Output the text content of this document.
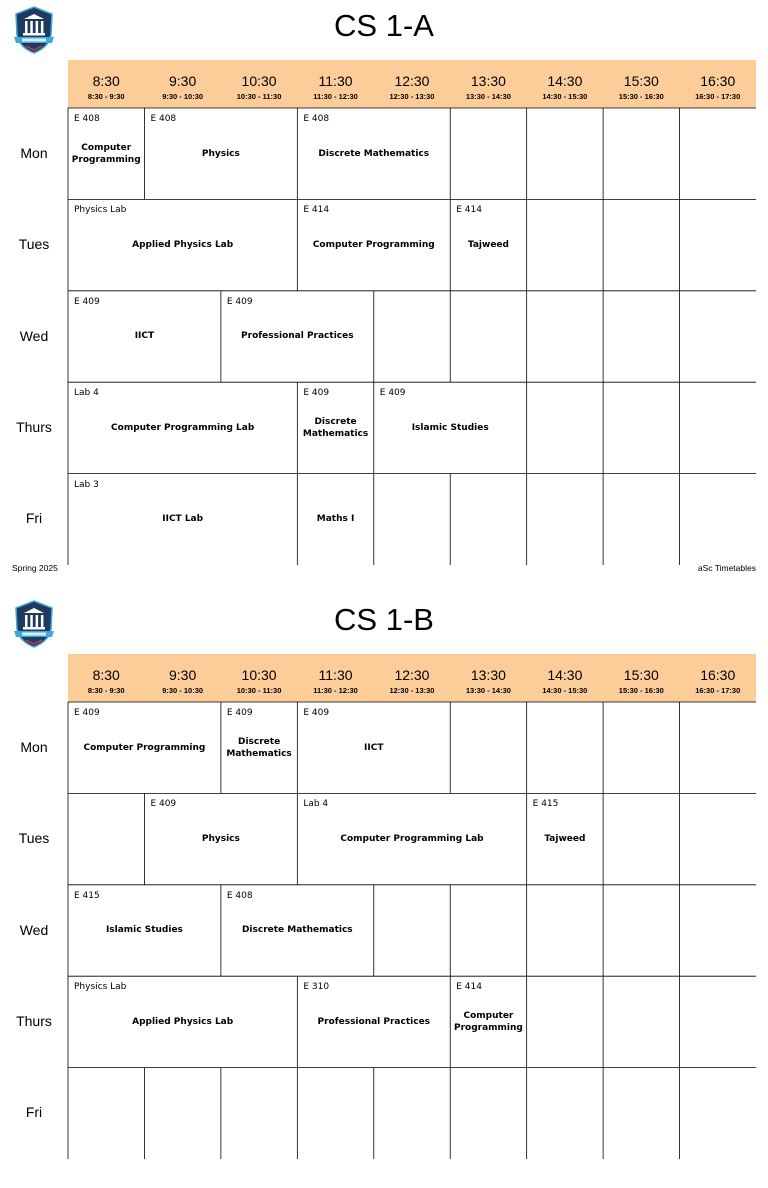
CS 1-A
8:30
8:30 - 9:30
9:30
9:30 - 10:30
10:30
10:30 - 11:30
11:30
11:30 - 12:30
12:30
12:30 - 13:30
13:30
13:30 - 14:30
14:30
14:30 - 15:30
15:30
15:30 - 16:30
16:30
16:30 - 17:30
Mon
E 408
Computer Programming
E 408
Physics
E 408
Discrete Mathematics
Tues
Physics Lab
Applied Physics Lab
E 414
Computer Programming
E 414
Tajweed
Wed
E 409
IICT
E 409
Professional Practices
Thurs
Lab 4
Computer Programming Lab
E 409
Discrete Mathematics
E 409
Islamic Studies
Fri
Lab 3
IICT Lab	Maths I
Spring 2025	aSc Timetables
CS 1-B
8:30
8:30 - 9:30
9:30
9:30 - 10:30
10:30
10:30 - 11:30
11:30
11:30 - 12:30
12:30
12:30 - 13:30
13:30
13:30 - 14:30
14:30
14:30 - 15:30
15:30
15:30 - 16:30
16:30
16:30 - 17:30
Mon
E 409
Computer Programming
E 409
Discrete Mathematics
E 409
IICT
Tues
E 409
Physics
Lab 4
Computer Programming Lab
E 415
Tajweed
Wed
E 415
Islamic Studies
E 408
Discrete Mathematics
Thurs
Physics Lab
Applied Physics Lab
E 310
Professional Practices
E 414
Computer Programming
Fri
